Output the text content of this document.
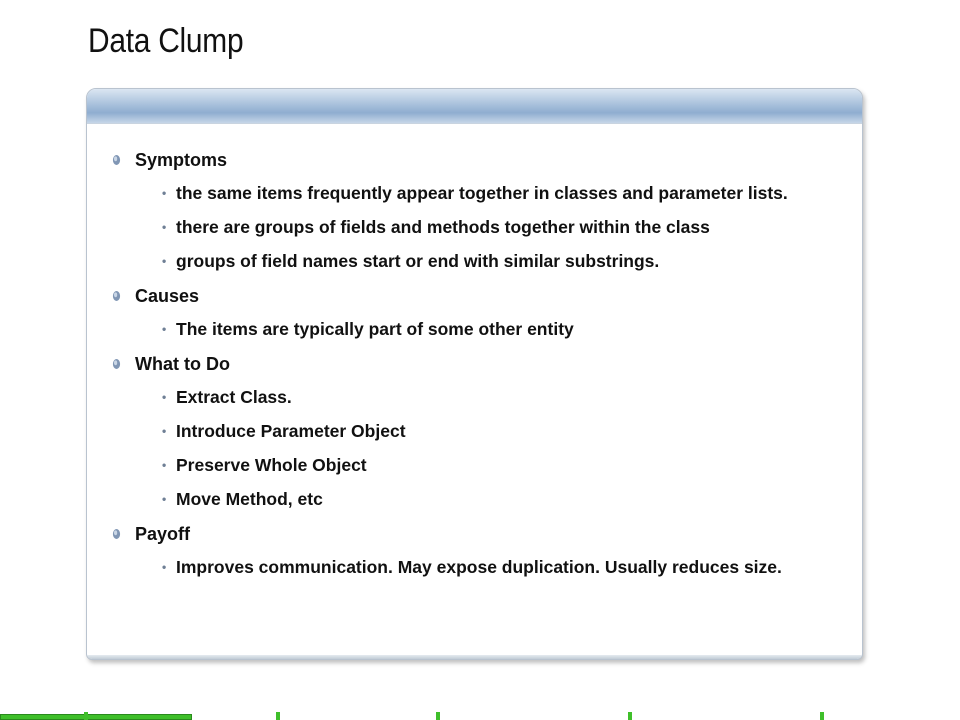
Data Clump
Symptoms
• the same items frequently appear together in classes and parameter lists.
• there are groups of fields and methods together within the class
• groups of field names start or end with similar substrings.
Causes
• The items are typically part of some other entity
What to Do
• Extract Class.
• Introduce Parameter Object
• Preserve Whole Object
• Move Method, etc
Payoff
• Improves communication. May expose duplication. Usually reduces size.
